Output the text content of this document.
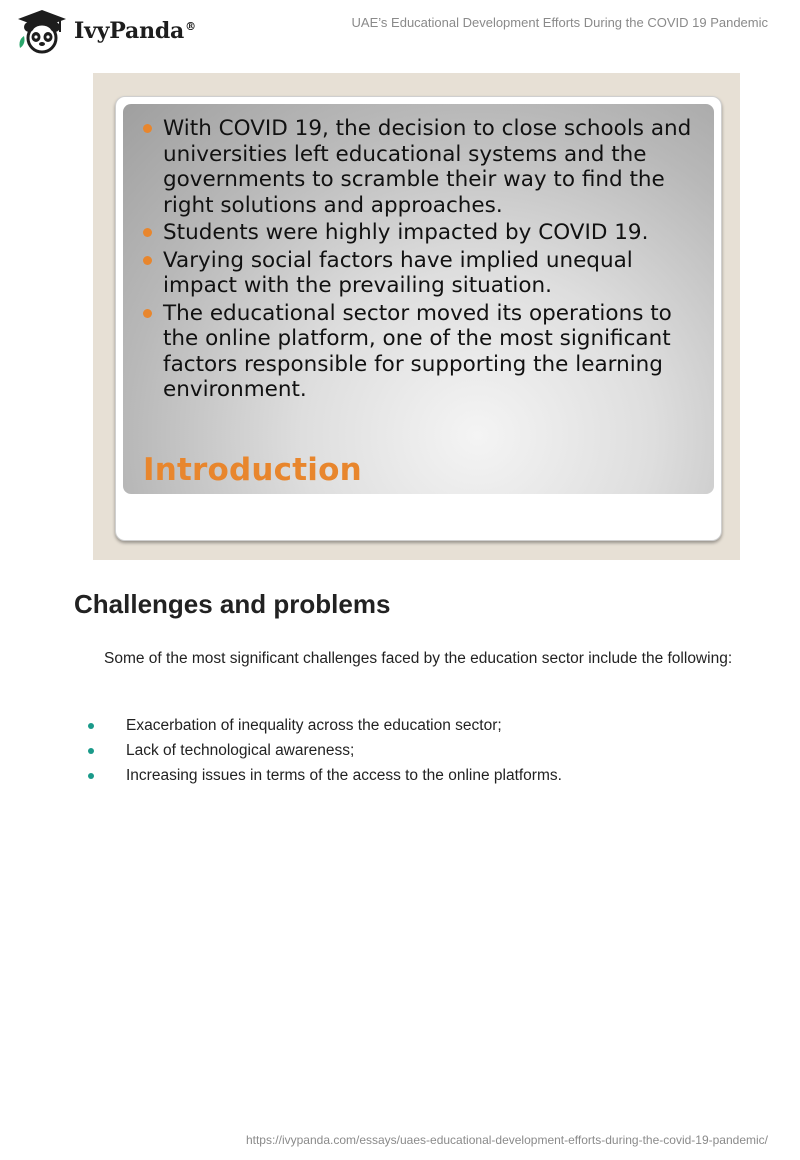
IvyPanda®	UAE’s Educational Development Efforts During the COVID 19 Pandemic
With COVID 19, the decision to close schools and universities left educational systems and the governments to scramble their way to find the right solutions and approaches.
Students were highly impacted by COVID 19.
Varying social factors have implied unequal impact with the prevailing situation.
The educational sector moved its operations to the online platform, one of the most significant factors responsible for supporting the learning environment.
Introduction
Challenges and problems

Some of the most significant challenges faced by the education sector include the following:

Exacerbation of inequality across the education sector;
Lack of technological awareness;
Increasing issues in terms of the access to the online platforms.
https://ivypanda.com/essays/uaes-educational-development-efforts-during-the-covid-19-pandemic/
